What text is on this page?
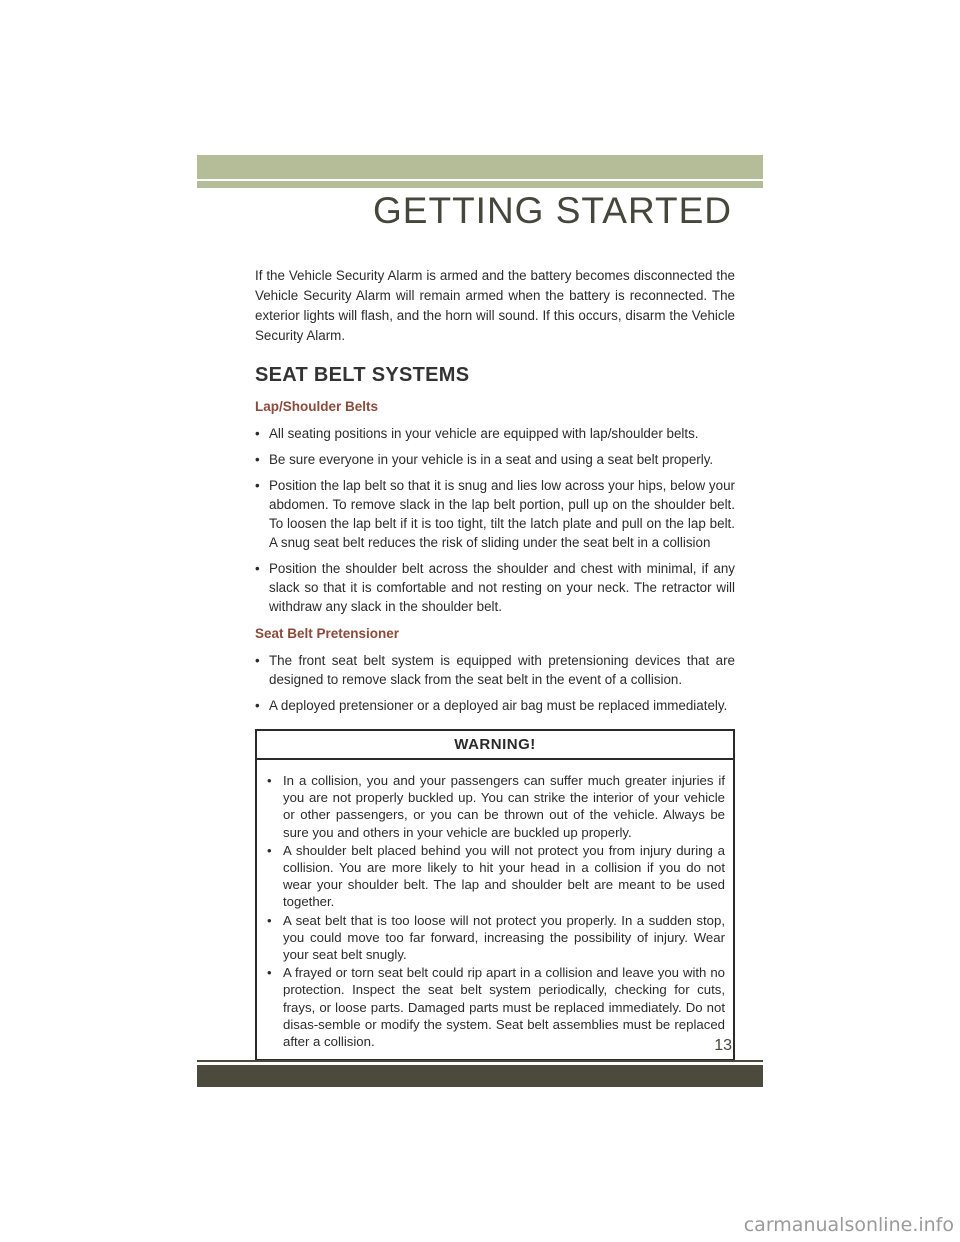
GETTING STARTED

If the Vehicle Security Alarm is armed and the battery becomes disconnected the Vehicle Security Alarm will remain armed when the battery is reconnected. The exterior lights will flash, and the horn will sound. If this occurs, disarm the Vehicle Security Alarm.

SEAT BELT SYSTEMS
Lap/Shoulder Belts
• All seating positions in your vehicle are equipped with lap/shoulder belts.
• Be sure everyone in your vehicle is in a seat and using a seat belt properly.
• Position the lap belt so that it is snug and lies low across your hips, below your abdomen. To remove slack in the lap belt portion, pull up on the shoulder belt. To loosen the lap belt if it is too tight, tilt the latch plate and pull on the lap belt. A snug seat belt reduces the risk of sliding under the seat belt in a collision
• Position the shoulder belt across the shoulder and chest with minimal, if any slack so that it is comfortable and not resting on your neck. The retractor will withdraw any slack in the shoulder belt.
Seat Belt Pretensioner
• The front seat belt system is equipped with pretensioning devices that are designed to remove slack from the seat belt in the event of a collision.
• A deployed pretensioner or a deployed air bag must be replaced immediately.
WARNING!
• In a collision, you and your passengers can suffer much greater injuries if you are not properly buckled up. You can strike the interior of your vehicle or other passengers, or you can be thrown out of the vehicle. Always be sure you and others in your vehicle are buckled up properly.
• A shoulder belt placed behind you will not protect you from injury during a collision. You are more likely to hit your head in a collision if you do not wear your shoulder belt. The lap and shoulder belt are meant to be used together.
• A seat belt that is too loose will not protect you properly. In a sudden stop, you could move too far forward, increasing the possibility of injury. Wear your seat belt snugly.
• A frayed or torn seat belt could rip apart in a collision and leave you with no protection. Inspect the seat belt system periodically, checking for cuts, frays, or loose parts. Damaged parts must be replaced immediately. Do not disas-semble or modify the system. Seat belt assemblies must be replaced after a collision.	13
carmanualsonline.info
